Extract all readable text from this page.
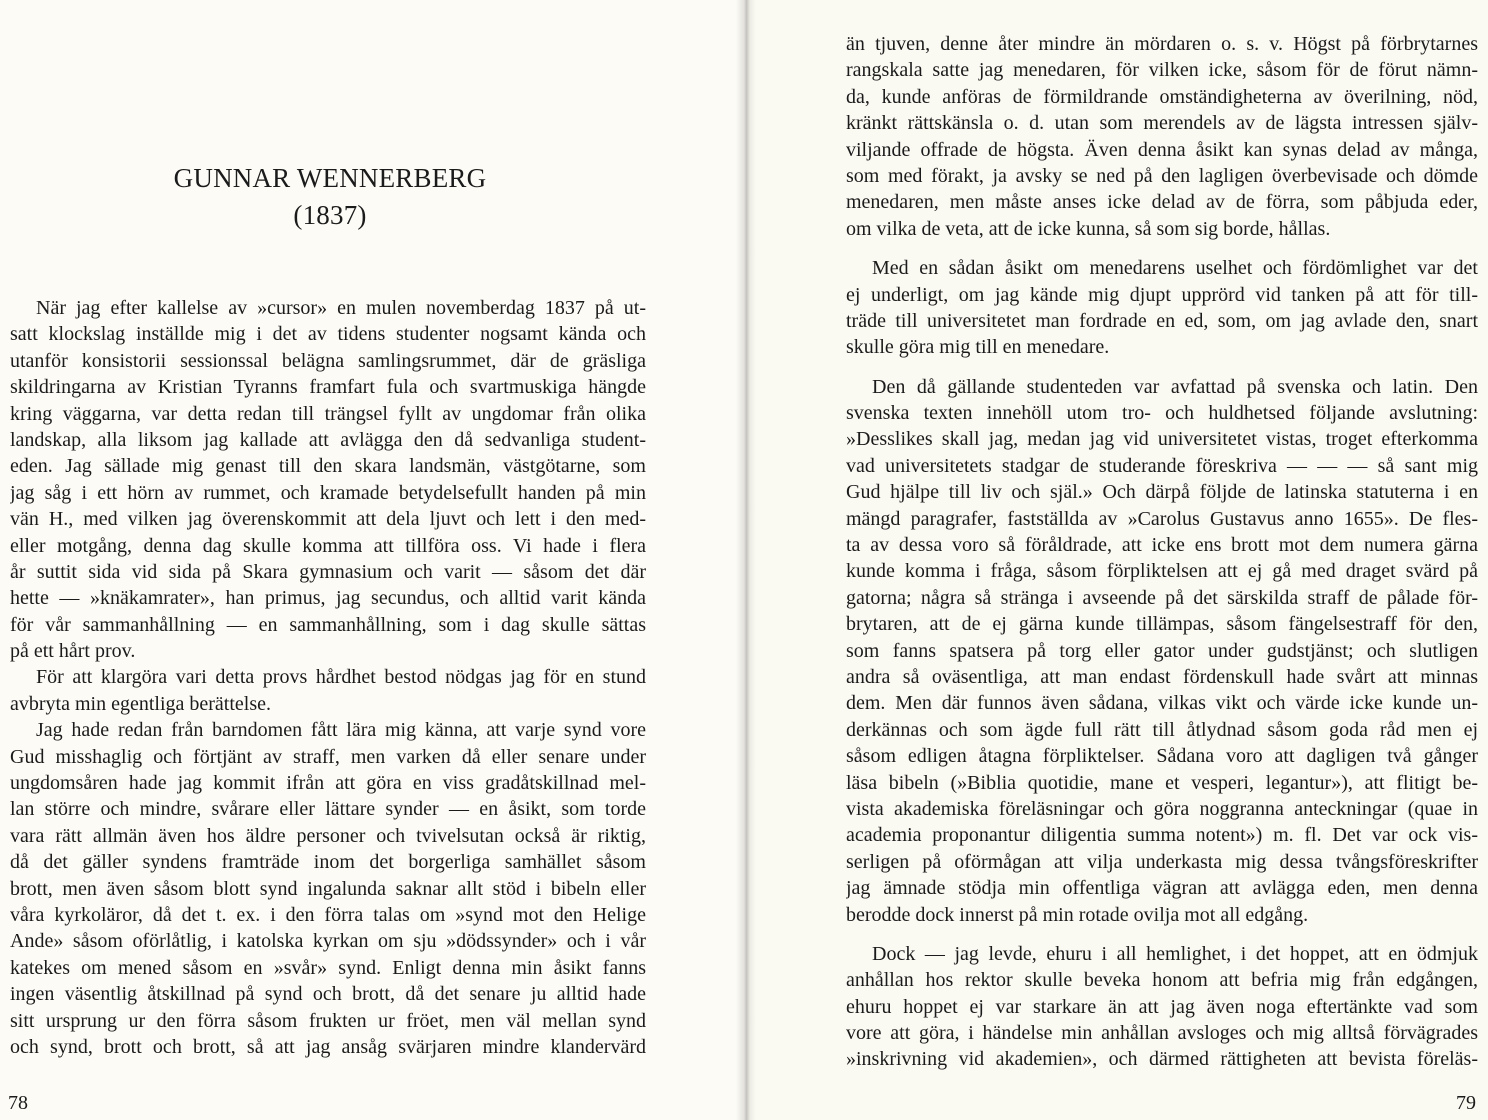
GUNNAR WENNERBERG
(1837)
När jag efter kallelse av »cursor» en mulen novemberdag 1837 på ut-
satt klockslag inställde mig i det av tidens studenter nogsamt kända och
utanför konsistorii sessionssal belägna samlingsrummet, där de gräsliga
skildringarna av Kristian Tyranns framfart fula och svartmuskiga hängde
kring väggarna, var detta redan till trängsel fyllt av ungdomar från olika
landskap, alla liksom jag kallade att avlägga den då sedvanliga student-
eden. Jag sällade mig genast till den skara landsmän, västgötarne, som
jag såg i ett hörn av rummet, och kramade betydelsefullt handen på min
vän H., med vilken jag överenskommit att dela ljuvt och lett i den med-
eller motgång, denna dag skulle komma att tillföra oss. Vi hade i flera
år suttit sida vid sida på Skara gymnasium och varit — såsom det där
hette — »knäkamrater», han primus, jag secundus, och alltid varit kända
för vår sammanhållning — en sammanhållning, som i dag skulle sättas
på ett hårt prov.
För att klargöra vari detta provs hårdhet bestod nödgas jag för en stund
avbryta min egentliga berättelse.
Jag hade redan från barndomen fått lära mig känna, att varje synd vore
Gud misshaglig och förtjänt av straff, men varken då eller senare under
ungdomsåren hade jag kommit ifrån att göra en viss gradåtskillnad mel-
lan större och mindre, svårare eller lättare synder — en åsikt, som torde
vara rätt allmän även hos äldre personer och tvivelsutan också är riktig,
då det gäller syndens framträde inom det borgerliga samhället såsom
brott, men även såsom blott synd ingalunda saknar allt stöd i bibeln eller
våra kyrkoläror, då det t. ex. i den förra talas om »synd mot den Helige
Ande» såsom oförlåtlig, i katolska kyrkan om sju »dödssynder» och i vår
katekes om mened såsom en »svår» synd. Enligt denna min åsikt fanns
ingen väsentlig åtskillnad på synd och brott, då det senare ju alltid hade
sitt ursprung ur den förra såsom frukten ur fröet, men väl mellan synd
och synd, brott och brott, så att jag ansåg svärjaren mindre klandervärd
78
än tjuven, denne åter mindre än mördaren o. s. v. Högst på förbrytarnes
rangskala satte jag menedaren, för vilken icke, såsom för de förut nämn-
da, kunde anföras de förmildrande omständigheterna av överilning, nöd,
kränkt rättskänsla o. d. utan som merendels av de lägsta intressen själv-
viljande offrade de högsta. Även denna åsikt kan synas delad av många,
som med förakt, ja avsky se ned på den lagligen överbevisade och dömde
menedaren, men måste anses icke delad av de förra, som påbjuda eder,
om vilka de veta, att de icke kunna, så som sig borde, hållas.
Med en sådan åsikt om menedarens uselhet och fördömlighet var det
ej underligt, om jag kände mig djupt upprörd vid tanken på att för till-
träde till universitetet man fordrade en ed, som, om jag avlade den, snart
skulle göra mig till en menedare.
Den då gällande studenteden var avfattad på svenska och latin. Den
svenska texten innehöll utom tro- och huldhetsed följande avslutning:
»Desslikes skall jag, medan jag vid universitetet vistas, troget efterkomma
vad universitetets stadgar de studerande föreskriva — — — så sant mig
Gud hjälpe till liv och själ.» Och därpå följde de latinska statuterna i en
mängd paragrafer, fastställda av »Carolus Gustavus anno 1655». De fles-
ta av dessa voro så föråldrade, att icke ens brott mot dem numera gärna
kunde komma i fråga, såsom förpliktelsen att ej gå med draget svärd på
gatorna; några så stränga i avseende på det särskilda straff de pålade för-
brytaren, att de ej gärna kunde tillämpas, såsom fängelsestraff för den,
som fanns spatsera på torg eller gator under gudstjänst; och slutligen
andra så oväsentliga, att man endast fördenskull hade svårt att minnas
dem. Men där funnos även sådana, vilkas vikt och värde icke kunde un-
derkännas och som ägde full rätt till åtlydnad såsom goda råd men ej
såsom edligen åtagna förpliktelser. Sådana voro att dagligen två gånger
läsa bibeln (»Biblia quotidie, mane et vesperi, legantur»), att flitigt be-
vista akademiska föreläsningar och göra noggranna anteckningar (quae in
academia proponantur diligentia summa notent») m. fl. Det var ock vis-
serligen på oförmågan att vilja underkasta mig dessa tvångsföreskrifter
jag ämnade stödja min offentliga vägran att avlägga eden, men denna
berodde dock innerst på min rotade ovilja mot all edgång.
Dock — jag levde, ehuru i all hemlighet, i det hoppet, att en ödmjuk
anhållan hos rektor skulle beveka honom att befria mig från edgången,
ehuru hoppet ej var starkare än att jag även noga eftertänkte vad som
vore att göra, i händelse min anhållan avsloges och mig alltså förvägrades
»inskrivning vid akademien», och därmed rättigheten att bevista föreläs-
79
